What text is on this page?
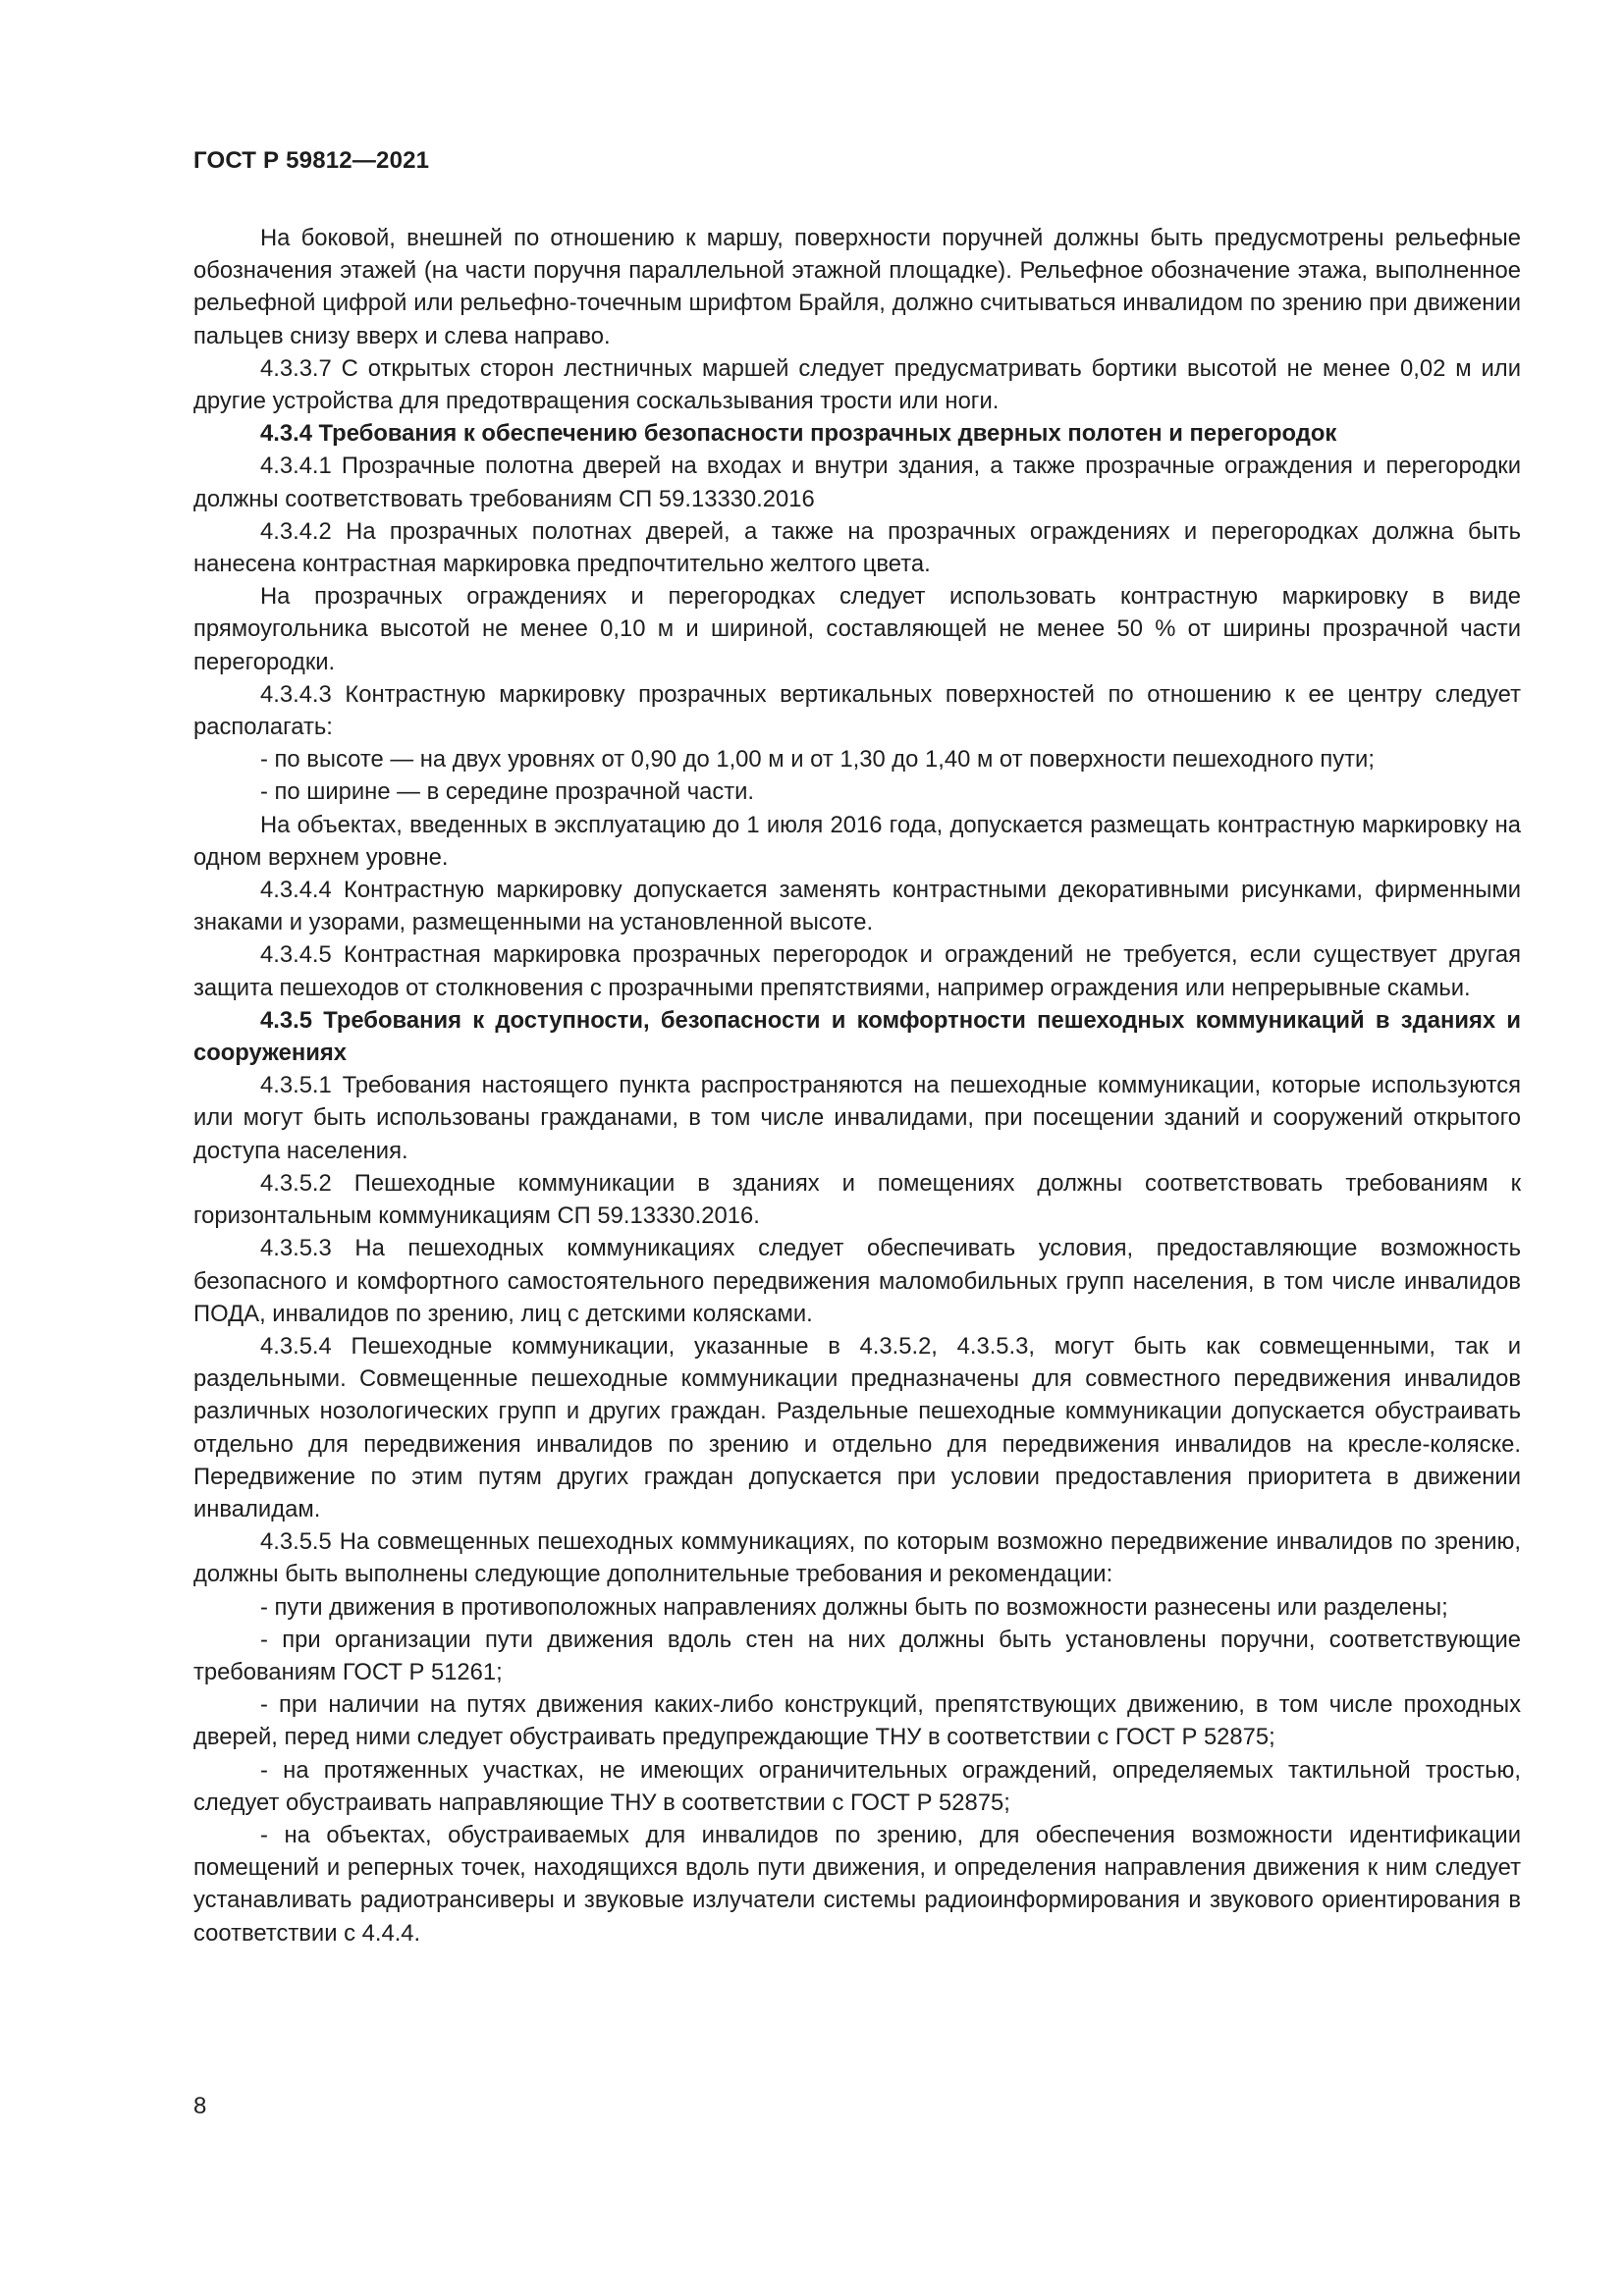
ГОСТ Р 59812—2021

На боковой, внешней по отношению к маршу, поверхности поручней должны быть предусмотрены рельефные обозначения этажей (на части поручня параллельной этажной площадке). Рельефное обозначение этажа, выполненное рельефной цифрой или рельефно-точечным шрифтом Брайля, должно считываться инвалидом по зрению при движении пальцев снизу вверх и слева направо.

4.3.3.7 С открытых сторон лестничных маршей следует предусматривать бортики высотой не менее 0,02 м или другие устройства для предотвращения соскальзывания трости или ноги.

4.3.4 Требования к обеспечению безопасности прозрачных дверных полотен и перегородок

4.3.4.1 Прозрачные полотна дверей на входах и внутри здания, а также прозрачные ограждения и перегородки должны соответствовать требованиям СП 59.13330.2016

4.3.4.2 На прозрачных полотнах дверей, а также на прозрачных ограждениях и перегородках должна быть нанесена контрастная маркировка предпочтительно желтого цвета.

На прозрачных ограждениях и перегородках следует использовать контрастную маркировку в виде прямоугольника высотой не менее 0,10 м и шириной, составляющей не менее 50 % от ширины прозрачной части перегородки.

4.3.4.3 Контрастную маркировку прозрачных вертикальных поверхностей по отношению к ее центру следует располагать:

- по высоте — на двух уровнях от 0,90 до 1,00 м и от 1,30 до 1,40 м от поверхности пешеходного пути;

- по ширине — в середине прозрачной части.

На объектах, введенных в эксплуатацию до 1 июля 2016 года, допускается размещать контрастную маркировку на одном верхнем уровне.

4.3.4.4 Контрастную маркировку допускается заменять контрастными декоративными рисунками, фирменными знаками и узорами, размещенными на установленной высоте.

4.3.4.5 Контрастная маркировка прозрачных перегородок и ограждений не требуется, если существует другая защита пешеходов от столкновения с прозрачными препятствиями, например ограждения или непрерывные скамьи.

4.3.5 Требования к доступности, безопасности и комфортности пешеходных коммуникаций в зданиях и сооружениях

4.3.5.1 Требования настоящего пункта распространяются на пешеходные коммуникации, которые используются или могут быть использованы гражданами, в том числе инвалидами, при посещении зданий и сооружений открытого доступа населения.

4.3.5.2 Пешеходные коммуникации в зданиях и помещениях должны соответствовать требованиям к горизонтальным коммуникациям СП 59.13330.2016.

4.3.5.3 На пешеходных коммуникациях следует обеспечивать условия, предоставляющие возможность безопасного и комфортного самостоятельного передвижения маломобильных групп населения, в том числе инвалидов ПОДА, инвалидов по зрению, лиц с детскими колясками.

4.3.5.4 Пешеходные коммуникации, указанные в 4.3.5.2, 4.3.5.3, могут быть как совмещенными, так и раздельными. Совмещенные пешеходные коммуникации предназначены для совместного передвижения инвалидов различных нозологических групп и других граждан. Раздельные пешеходные коммуникации допускается обустраивать отдельно для передвижения инвалидов по зрению и отдельно для передвижения инвалидов на кресле-коляске. Передвижение по этим путям других граждан допускается при условии предоставления приоритета в движении инвалидам.

4.3.5.5 На совмещенных пешеходных коммуникациях, по которым возможно передвижение инвалидов по зрению, должны быть выполнены следующие дополнительные требования и рекомендации:

- пути движения в противоположных направлениях должны быть по возможности разнесены или разделены;

- при организации пути движения вдоль стен на них должны быть установлены поручни, соответствующие требованиям ГОСТ Р 51261;

- при наличии на путях движения каких-либо конструкций, препятствующих движению, в том числе проходных дверей, перед ними следует обустраивать предупреждающие ТНУ в соответствии с ГОСТ Р 52875;

- на протяженных участках, не имеющих ограничительных ограждений, определяемых тактильной тростью, следует обустраивать направляющие ТНУ в соответствии с ГОСТ Р 52875;

- на объектах, обустраиваемых для инвалидов по зрению, для обеспечения возможности идентификации помещений и реперных точек, находящихся вдоль пути движения, и определения направления движения к ним следует устанавливать радиотрансиверы и звуковые излучатели системы радиоинформирования и звукового ориентирования в соответствии с 4.4.4.

8
